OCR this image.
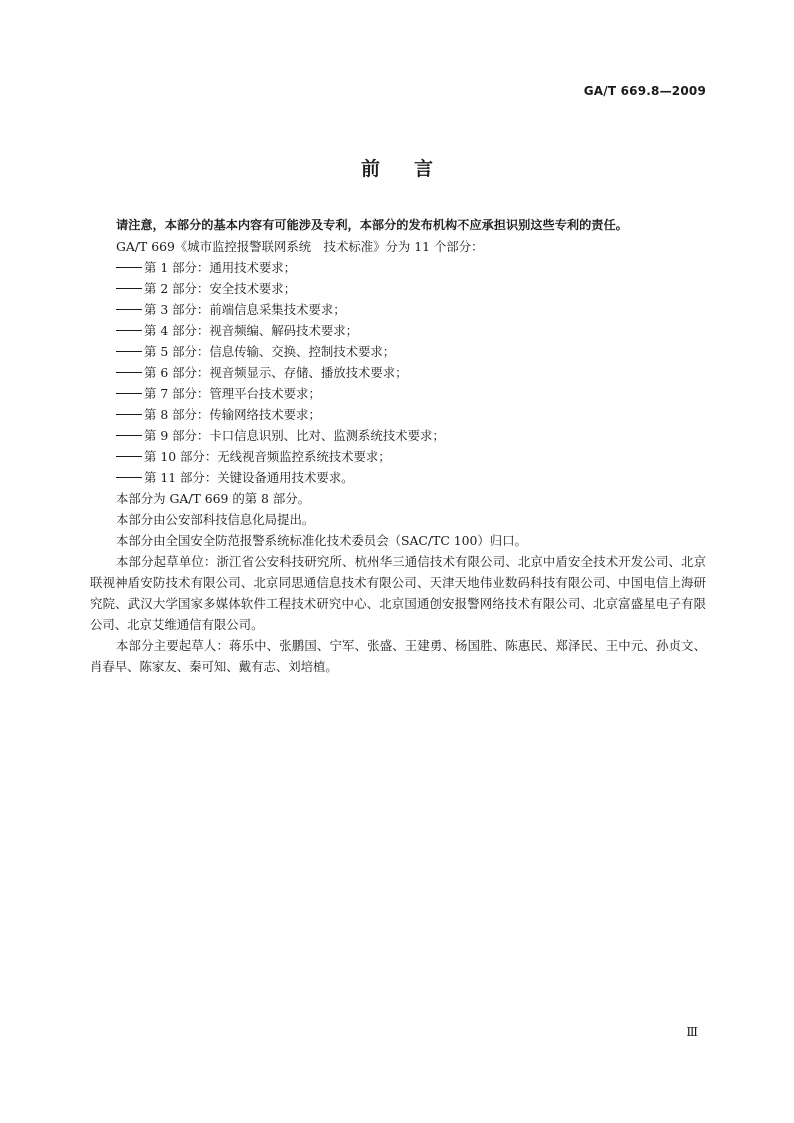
GA/T 669.8—2009
前言

请注意，本部分的基本内容有可能涉及专利，本部分的发布机构不应承担识别这些专利的责任。

GA/T 669《城市监控报警联网系统　技术标准》分为 11 个部分：

第 1 部分：通用技术要求；

第 2 部分：安全技术要求；

第 3 部分：前端信息采集技术要求；

第 4 部分：视音频编、解码技术要求；

第 5 部分：信息传输、交换、控制技术要求；

第 6 部分：视音频显示、存储、播放技术要求；

第 7 部分：管理平台技术要求；

第 8 部分：传输网络技术要求；

第 9 部分：卡口信息识别、比对、监测系统技术要求；

第 10 部分：无线视音频监控系统技术要求；

第 11 部分：关键设备通用技术要求。

本部分为 GA/T 669 的第 8 部分。

本部分由公安部科技信息化局提出。

本部分由全国安全防范报警系统标准化技术委员会（SAC/TC 100）归口。

本部分起草单位：浙江省公安科技研究所、杭州华三通信技术有限公司、北京中盾安全技术开发公司、北京联视神盾安防技术有限公司、北京同思通信息技术有限公司、天津天地伟业数码科技有限公司、中国电信上海研究院、武汉大学国家多媒体软件工程技术研究中心、北京国通创安报警网络技术有限公司、北京富盛星电子有限公司、北京艾维通信有限公司。

本部分主要起草人：蒋乐中、张鹏国、宁军、张盛、王建勇、杨国胜、陈惠民、郑泽民、王中元、孙贞文、肖春早、陈家友、秦可知、戴有志、刘培植。

Ⅲ
